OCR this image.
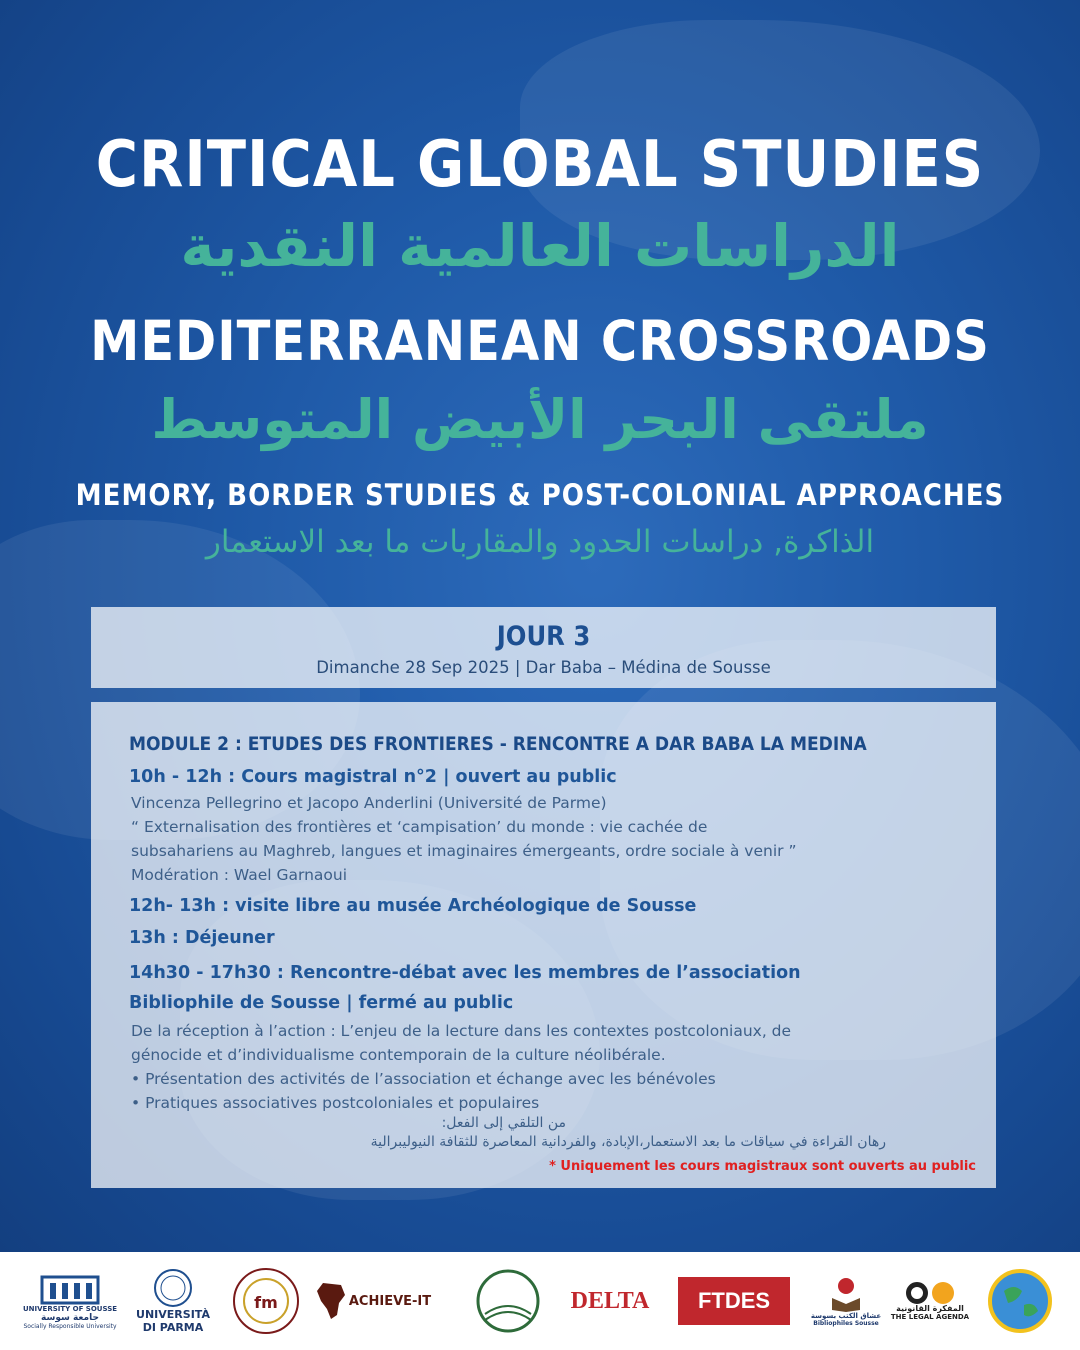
CRITICAL GLOBAL STUDIES
الدراسات العالمية النقدية
MEDITERRANEAN CROSSROADS
ملتقى البحر الأبيض المتوسط
MEMORY, BORDER STUDIES & POST-COLONIAL APPROACHES
الذاكرة, دراسات الحدود والمقاربات ما بعد الاستعمار
JOUR 3
Dimanche 28 Sep 2025 | Dar Baba – Médina de Sousse
MODULE 2 : ETUDES DES FRONTIERES - RENCONTRE A DAR BABA LA MEDINA
10h - 12h : Cours magistral n°2 | ouvert au public
Vincenza Pellegrino et Jacopo Anderlini (Université de Parme)
“ Externalisation des frontières et ‘campisation’ du monde : vie cachée de
subsahariens au Maghreb, langues et imaginaires émergeants, ordre sociale à venir ”
Modération : Wael Garnaoui
12h- 13h : visite libre au musée Archéologique de Sousse
13h : Déjeuner
14h30 - 17h30 : Rencontre-débat avec les membres de l’association
Bibliophile de Sousse | fermé au public
De la réception à l’action : L’enjeu de la lecture dans les contextes postcoloniaux, de
génocide et d’individualisme contemporain de la culture néolibérale.
• Présentation des activités de l’association et échange avec les bénévoles
• Pratiques associatives postcoloniales et populaires
من التلقي إلى الفعل:
رهان القراءة في سياقات ما بعد الاستعمار،الإبادة، والفردانية المعاصرة للثقافة النيوليبرالية
* Uniquement les cours magistraux sont ouverts au public
UNIVERSITY OF SOUSSE
جامعة سوسة
Socially Responsible University
UNIVERSITÀ
DI PARMA
fm	ACHIEVE-IT	DELTA	FTDES
عشاق الكتب بسوسة
Bibliophiles Sousse
المفكرة القانونية
THE LEGAL AGENDA
